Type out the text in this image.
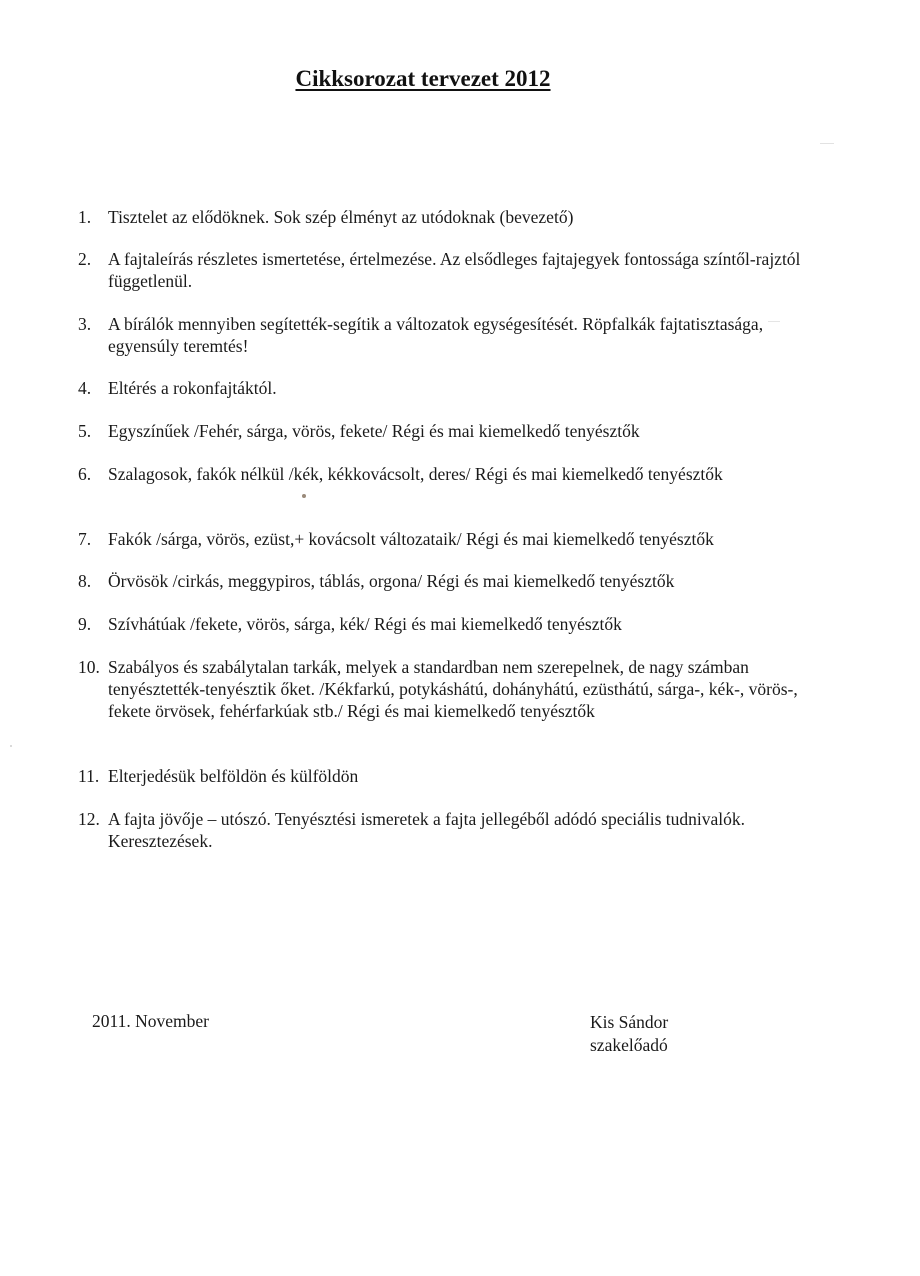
Cikksorozat tervezet 2012
1. Tisztelet az elődöknek. Sok szép élményt az utódoknak (bevezető)
2. A fajtaleírás részletes ismertetése, értelmezése. Az elsődleges fajtajegyek fontossága színtől-rajztól függetlenül.
3. A bírálók mennyiben segítették-segítik a változatok egységesítését. Röpfalkák fajtatisztasága, egyensúly teremtés!
4. Eltérés a rokonfajtáktól.
5. Egyszínűek /Fehér, sárga, vörös, fekete/ Régi és mai kiemelkedő tenyésztők
6. Szalagosok, fakók nélkül /kék, kékkovácsolt, deres/ Régi és mai kiemelkedő tenyésztők
7. Fakók /sárga, vörös, ezüst,+ kovácsolt változataik/ Régi és mai kiemelkedő tenyésztők
8. Örvösök /cirkás, meggypiros, táblás, orgona/ Régi és mai kiemelkedő tenyésztők
9. Szívhátúak /fekete, vörös, sárga, kék/ Régi és mai kiemelkedő tenyésztők
10. Szabályos és szabálytalan tarkák, melyek a standardban nem szerepelnek, de nagy számban tenyésztették-tenyésztik őket. /Kékfarkú, potykáshátú, dohányhátú, ezüsthátú, sárga-, kék-, vörös-, fekete örvösek, fehérfarkúak stb./ Régi és mai kiemelkedő tenyésztők
11. Elterjedésük belföldön és külföldön
12. A fajta jövője – utószó. Tenyésztési ismeretek a fajta jellegéből adódó speciális tudnivalók. Keresztezések.
2011. November	Kis Sándor
szakelőadó
